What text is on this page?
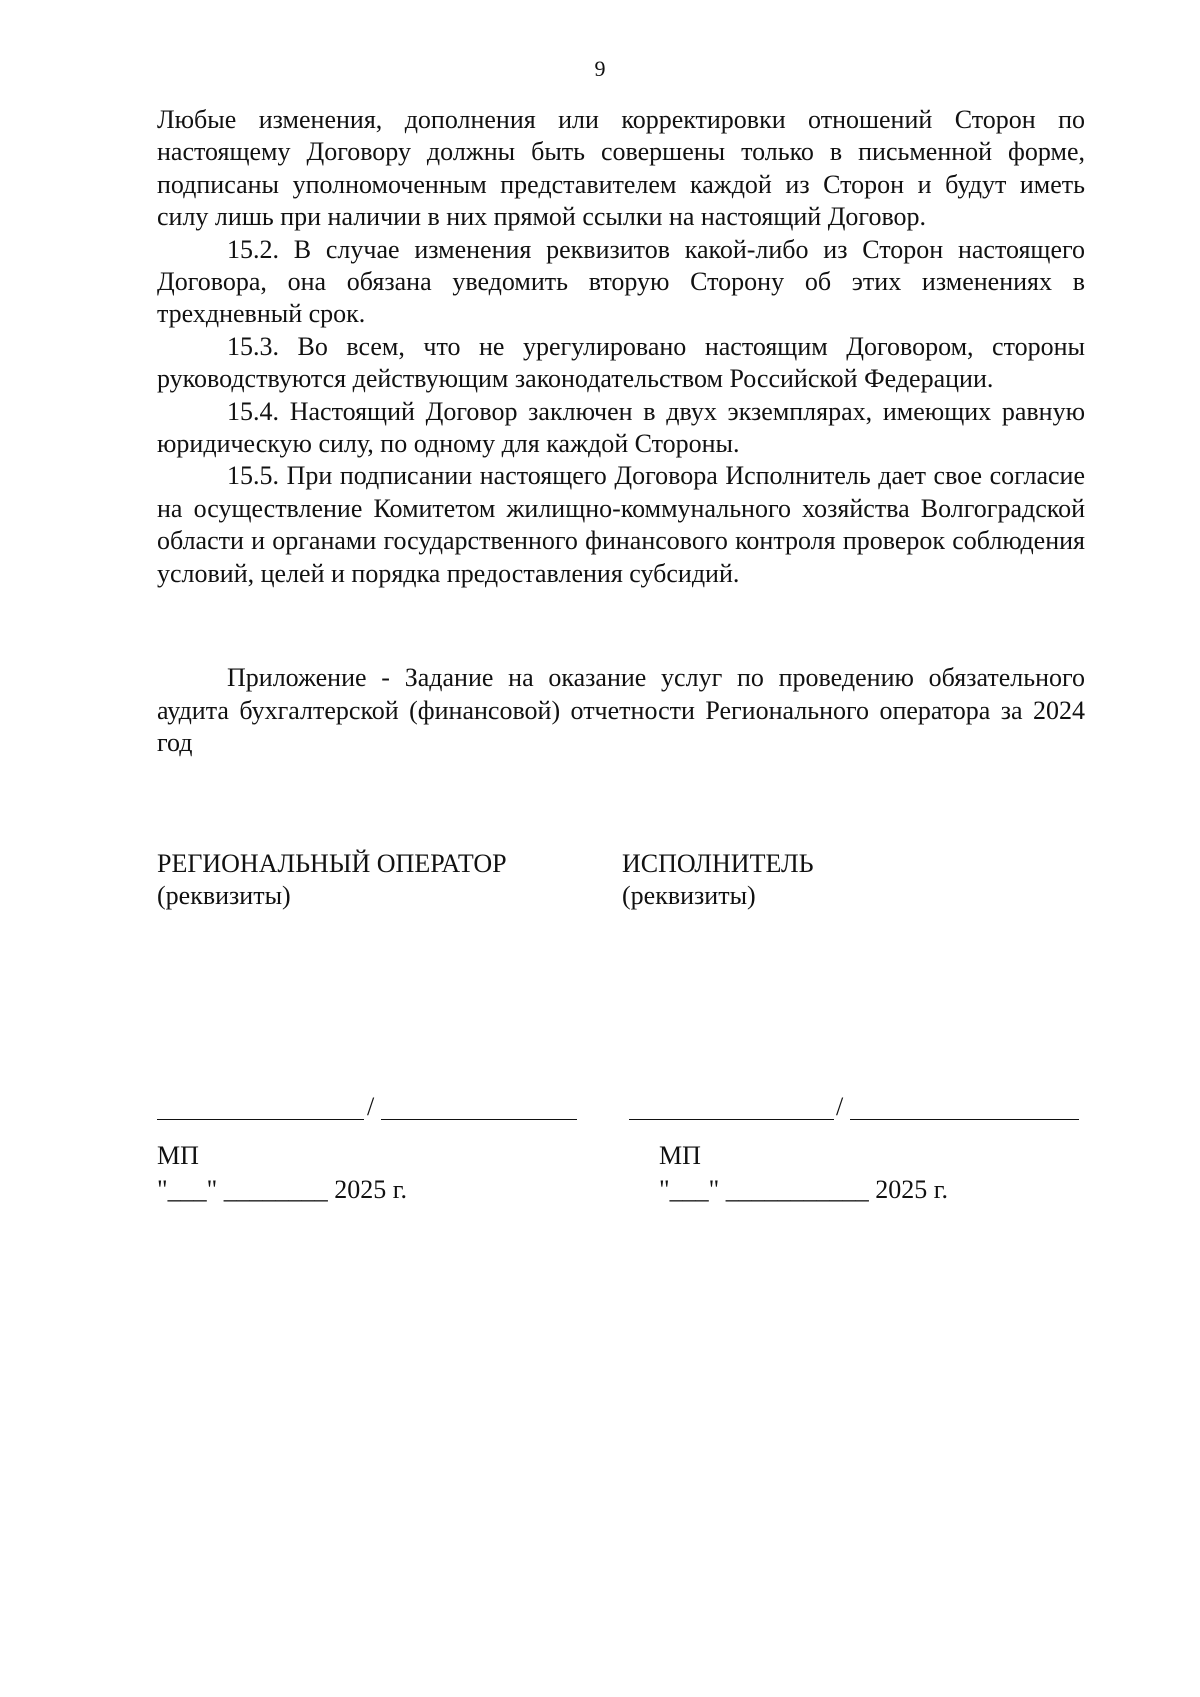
9

Любые изменения, дополнения или корректировки отношений Сторон по настоящему Договору должны быть совершены только в письменной форме, подписаны уполномоченным представителем каждой из Сторон и будут иметь силу лишь при наличии в них прямой ссылки на настоящий Договор.

15.2. В случае изменения реквизитов какой-либо из Сторон настоящего Договора, она обязана уведомить вторую Сторону об этих изменениях в трехдневный срок.

15.3. Во всем, что не урегулировано настоящим Договором, стороны руководствуются действующим законодательством Российской Федерации.

15.4. Настоящий Договор заключен в двух экземплярах, имеющих равную юридическую силу, по одному для каждой Стороны.

15.5. При подписании настоящего Договора Исполнитель дает свое согласие на осуществление Комитетом жилищно-коммунального хозяйства Волгоградской области и органами государственного финансового контроля проверок соблюдения условий, целей и порядка предоставления субсидий.

Приложение - Задание на оказание услуг по проведению обязательного аудита бухгалтерской (финансовой) отчетности Регионального оператора за 2024 год

РЕГИОНАЛЬНЫЙ ОПЕРАТОР	ИСПОЛНИТЕЛЬ
(реквизиты)	(реквизиты)
/	/
МП	МП
"___" ________ 2025 г.	"___" ___________ 2025 г.
